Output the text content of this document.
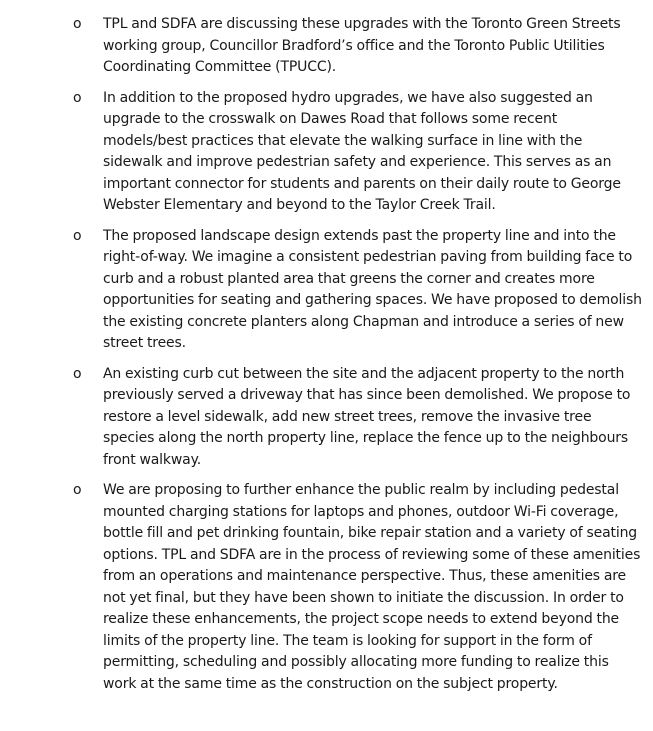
o TPL and SDFA are discussing these upgrades with the Toronto Green Streets working group, Councillor Bradford’s office and the Toronto Public Utilities Coordinating Committee (TPUCC).
o In addition to the proposed hydro upgrades, we have also suggested an upgrade to the crosswalk on Dawes Road that follows some recent models/best practices that elevate the walking surface in line with the sidewalk and improve pedestrian safety and experience. This serves as an important connector for students and parents on their daily route to George Webster Elementary and beyond to the Taylor Creek Trail.
o The proposed landscape design extends past the property line and into the right-of-way. We imagine a consistent pedestrian paving from building face to curb and a robust planted area that greens the corner and creates more opportunities for seating and gathering spaces. We have proposed to demolish the existing concrete planters along Chapman and introduce a series of new street trees.
o An existing curb cut between the site and the adjacent property to the north previously served a driveway that has since been demolished. We propose to restore a level sidewalk, add new street trees, remove the invasive tree species along the north property line, replace the fence up to the neighbours front walkway.
o We are proposing to further enhance the public realm by including pedestal mounted charging stations for laptops and phones, outdoor Wi-Fi coverage, bottle fill and pet drinking fountain, bike repair station and a variety of seating options. TPL and SDFA are in the process of reviewing some of these amenities from an operations and maintenance perspective. Thus, these amenities are not yet final, but they have been shown to initiate the discussion. In order to realize these enhancements, the project scope needs to extend beyond the limits of the property line. The team is looking for support in the form of permitting, scheduling and possibly allocating more funding to realize this work at the same time as the construction on the subject property.
